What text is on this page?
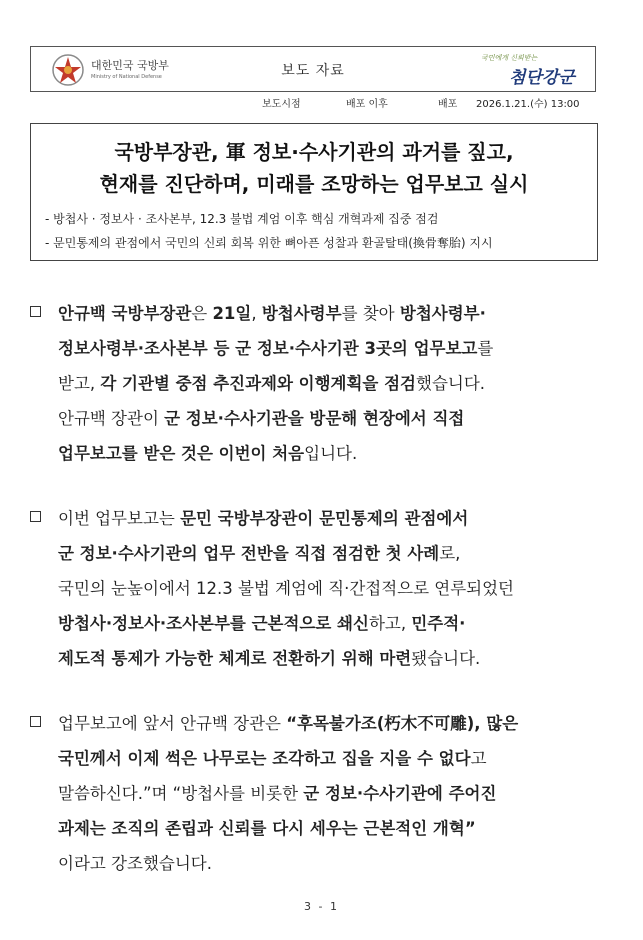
대한민국 국방부
Ministry of National Defense	보도 자료
국민에게 신뢰받는
첨단강군
보도시점	배포 이후	배포 2026.1.21.(수) 13:00
국방부장관, 軍 정보·수사기관의 과거를 짚고,
현재를 진단하며, 미래를 조망하는 업무보고 실시
- 방첩사 · 정보사 · 조사본부, 12.3 불법 계엄 이후 핵심 개혁과제 집중 점검
- 문민통제의 관점에서 국민의 신뢰 회복 위한 뼈아픈 성찰과 환골탈태(換骨奪胎) 지시
안규백 국방부장관은 21일, 방첩사령부를 찾아 방첩사령부·
정보사령부·조사본부 등 군 정보·수사기관 3곳의 업무보고를
받고, 각 기관별 중점 추진과제와 이행계획을 점검했습니다.
안규백 장관이 군 정보·수사기관을 방문해 현장에서 직접
업무보고를 받은 것은 이번이 처음입니다.
이번 업무보고는 문민 국방부장관이 문민통제의 관점에서
군 정보·수사기관의 업무 전반을 직접 점검한 첫 사례로,
국민의 눈높이에서 12.3 불법 계엄에 직·간접적으로 연루되었던
방첩사·정보사·조사본부를 근본적으로 쇄신하고, 민주적·
제도적 통제가 가능한 체계로 전환하기 위해 마련됐습니다.
업무보고에 앞서 안규백 장관은 “후목불가조(朽木不可雕), 많은
국민께서 이제 썩은 나무로는 조각하고 집을 지을 수 없다고
말씀하신다.”며 “방첩사를 비롯한 군 정보·수사기관에 주어진
과제는 조직의 존립과 신뢰를 다시 세우는 근본적인 개혁”
이라고 강조했습니다.
3 - 1
